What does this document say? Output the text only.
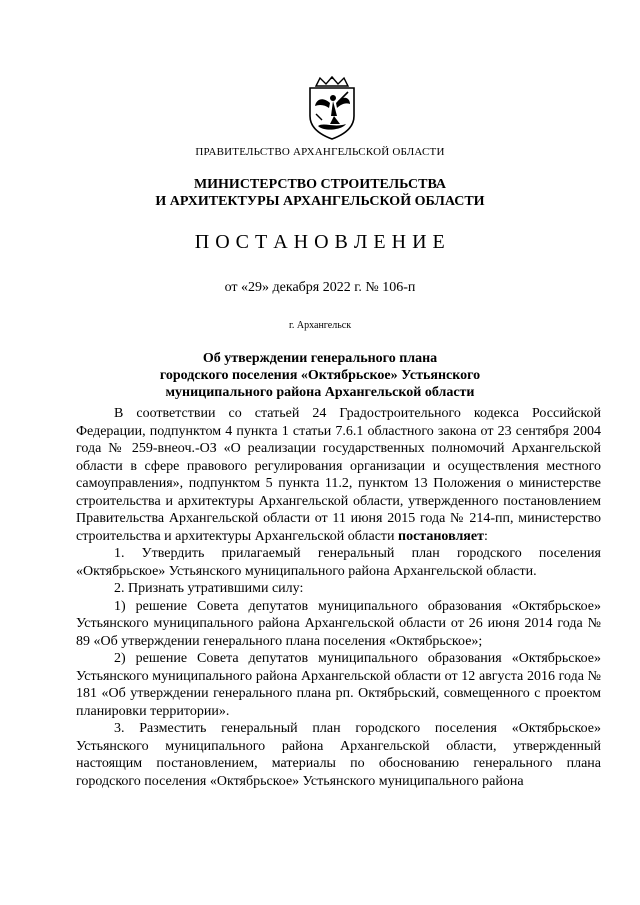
ПРАВИТЕЛЬСТВО АРХАНГЕЛЬСКОЙ ОБЛАСТИ
МИНИСТЕРСТВО СТРОИТЕЛЬСТВА
И АРХИТЕКТУРЫ АРХАНГЕЛЬСКОЙ ОБЛАСТИ
П О С Т А Н О В Л Е Н И Е
от «29» декабря 2022 г. № 106-п
г. Архангельск
Об утверждении генерального плана
городского поселения «Октябрьское» Устьянского
муниципального района Архангельской области

В соответствии со статьей 24 Градостроительного кодекса Российской Федерации, подпунктом 4 пункта 1 статьи 7.6.1 областного закона от 23 сентября 2004 года № 259-внеоч.-ОЗ «О реализации государственных полномочий Архангельской области в сфере правового регулирования организации и осуществления местного самоуправления», подпунктом 5 пункта 11.2, пунктом 13 Положения о министерстве строительства и архитектуры Архангельской области, утвержденного постановлением Правительства Архангельской области от 11 июня 2015 года № 214-пп, министерство строительства и архитектуры Архангельской области постановляет:

1. Утвердить прилагаемый генеральный план городского поселения «Октябрьское» Устьянского муниципального района Архангельской области.

2. Признать утратившими силу:

1) решение Совета депутатов муниципального образования «Октябрьское» Устьянского муниципального района Архангельской области от 26 июня 2014 года № 89 «Об утверждении генерального плана поселения «Октябрьское»;

2) решение Совета депутатов муниципального образования «Октябрьское» Устьянского муниципального района Архангельской области от 12 августа 2016 года № 181 «Об утверждении генерального плана рп. Октябрьский, совмещенного с проектом планировки территории».

3. Разместить генеральный план городского поселения «Октябрьское» Устьянского муниципального района Архангельской области, утвержденный настоящим постановлением, материалы по обоснованию генерального плана городского поселения «Октябрьское» Устьянского муниципального района
